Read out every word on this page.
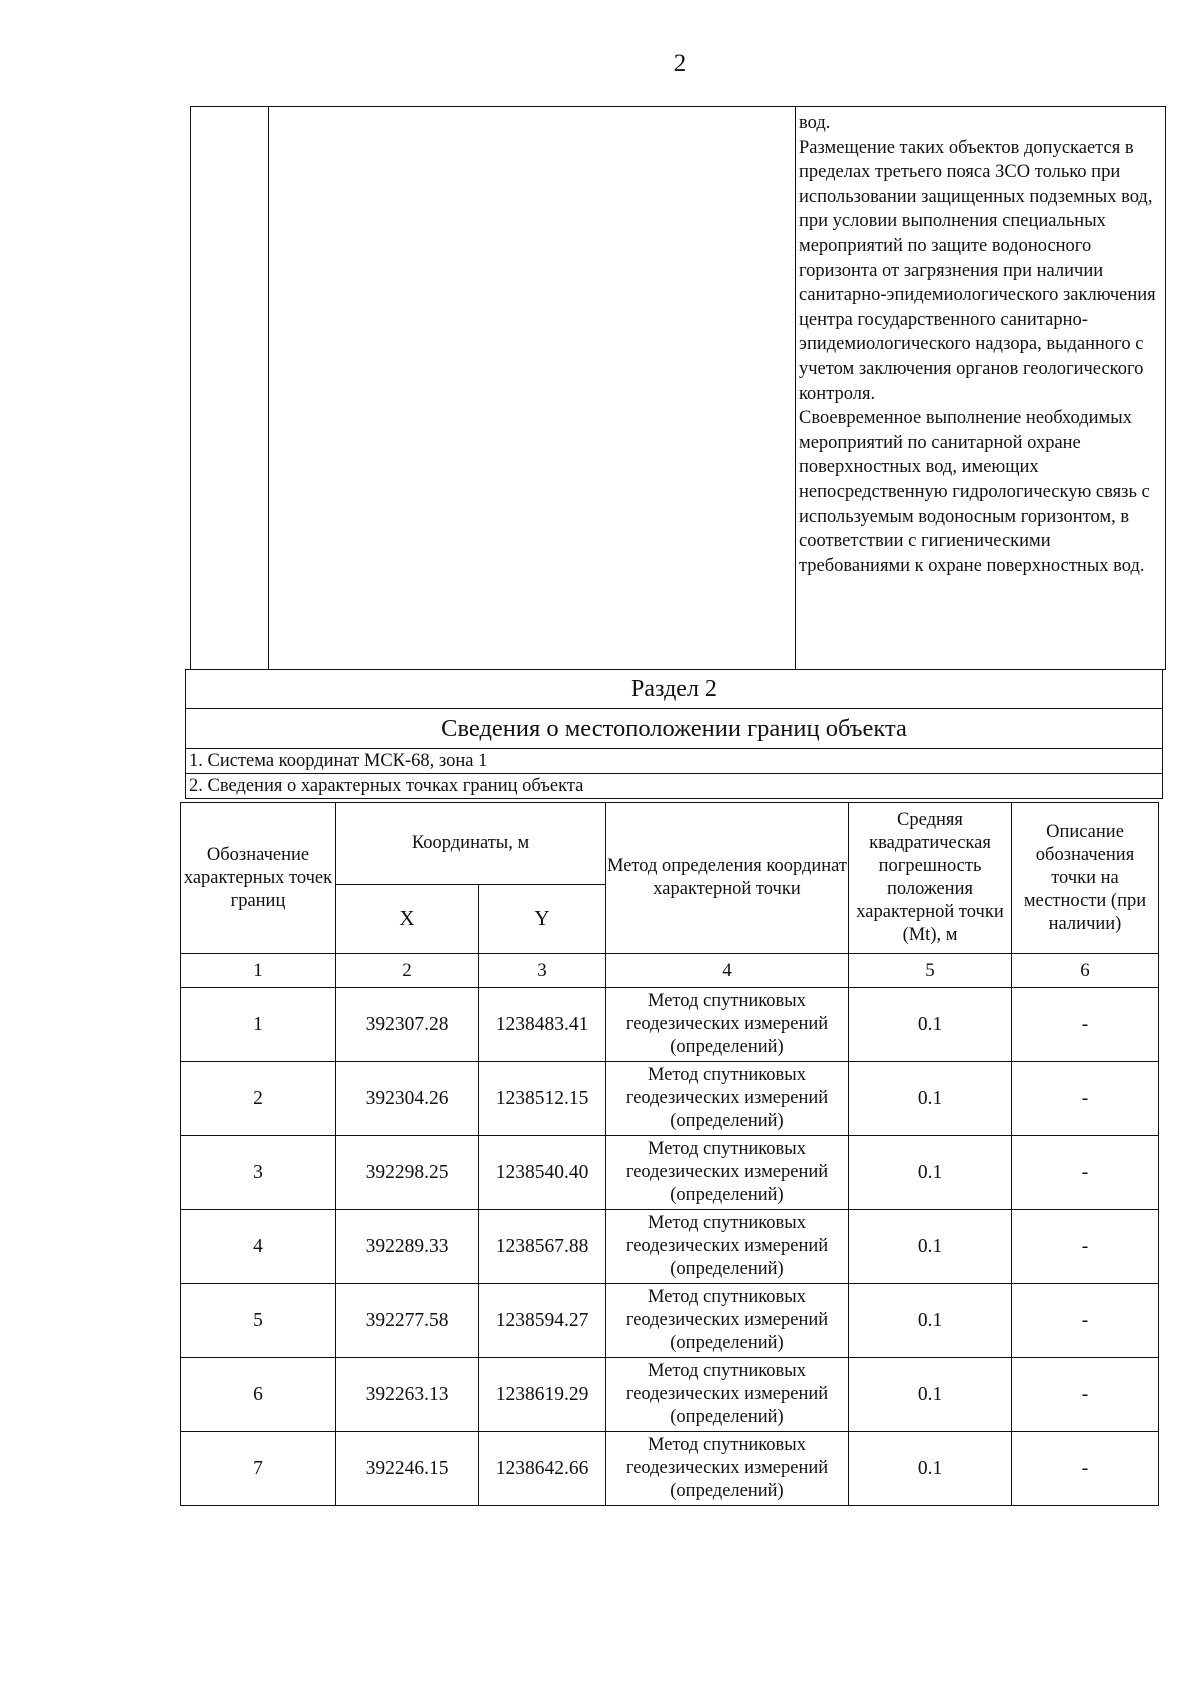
2

вод.
Размещение таких объектов допускается в пределах третьего пояса ЗСО только при использовании защищенных подземных вод, при условии выполнения специальных мероприятий по защите водоносного горизонта от загрязнения при наличии санитарно-эпидемиологического заключения центра государственного санитарно-эпидемиологического надзора, выданного с учетом заключения органов геологического контроля.
Своевременное выполнение необходимых мероприятий по санитарной охране поверхностных вод, имеющих непосредственную гидрологическую связь с используемым водоносным горизонтом, в соответствии с гигиеническими требованиями к охране поверхностных вод.
Раздел 2
Сведения о местоположении границ объекта
1. Система координат МСК-68, зона 1
2. Сведения о характерных точках границ объекта
Обозначение характерных точек границ	Координаты, м		Метод определения координат характерной точки	Средняя квадратическая погрешность положения характерной точки (Mt), м	Описание обозначения точки на местности (при наличии)
	X	Y			
1	2	3	4	5	6
1	392307.28	1238483.41	Метод спутниковых геодезических измерений (определений)	0.1	-
2	392304.26	1238512.15	Метод спутниковых геодезических измерений (определений)	0.1	-
3	392298.25	1238540.40	Метод спутниковых геодезических измерений (определений)	0.1	-
4	392289.33	1238567.88	Метод спутниковых геодезических измерений (определений)	0.1	-
5	392277.58	1238594.27	Метод спутниковых геодезических измерений (определений)	0.1	-
6	392263.13	1238619.29	Метод спутниковых геодезических измерений (определений)	0.1	-
7	392246.15	1238642.66	Метод спутниковых геодезических измерений (определений)	0.1	-
